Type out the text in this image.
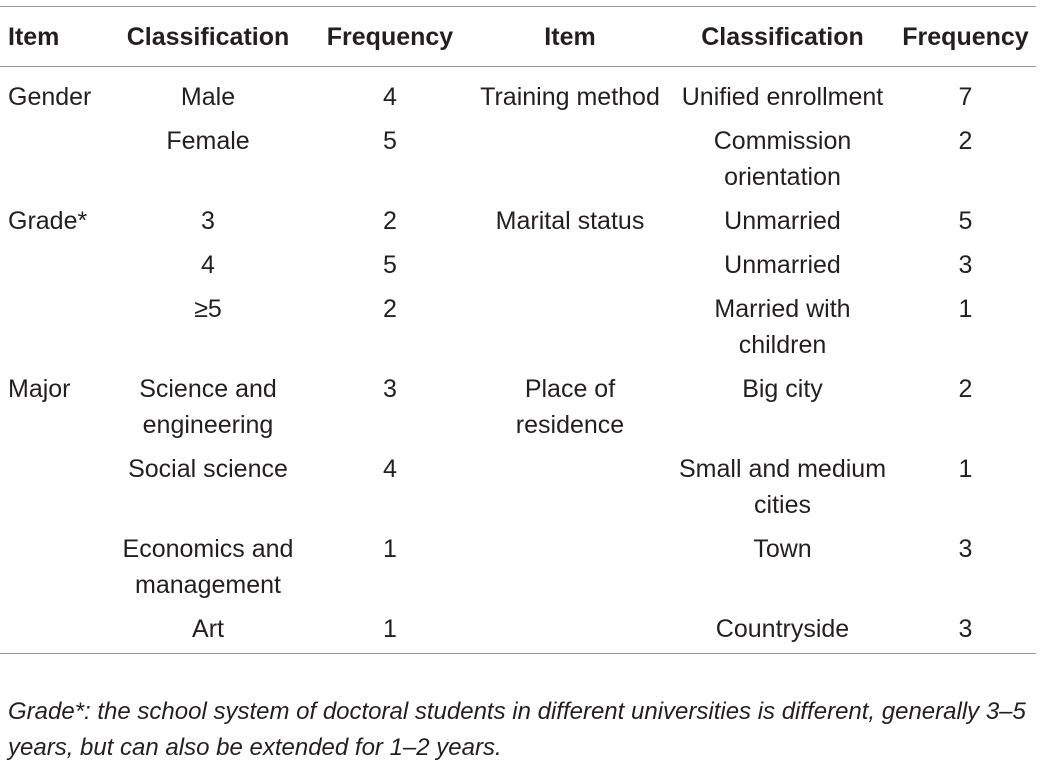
Item	Classification	Frequency	Item	Classification	Frequency
Gender	Male	4	Training method	Unified enrollment	7
	Female	5		Commission orientation	2
Grade*	3	2	Marital status	Unmarried	5
	4	5		Unmarried	3
	≥5	2		Married with children	1
Major	Science and engineering	3	Place of residence	Big city	2
	Social science	4		Small and medium cities	1
	Economics and management	1		Town	3
	Art	1		Countryside	3
Grade*: the school system of doctoral students in different universities is different, generally 3–5 years, but can also be extended for 1–2 years.
